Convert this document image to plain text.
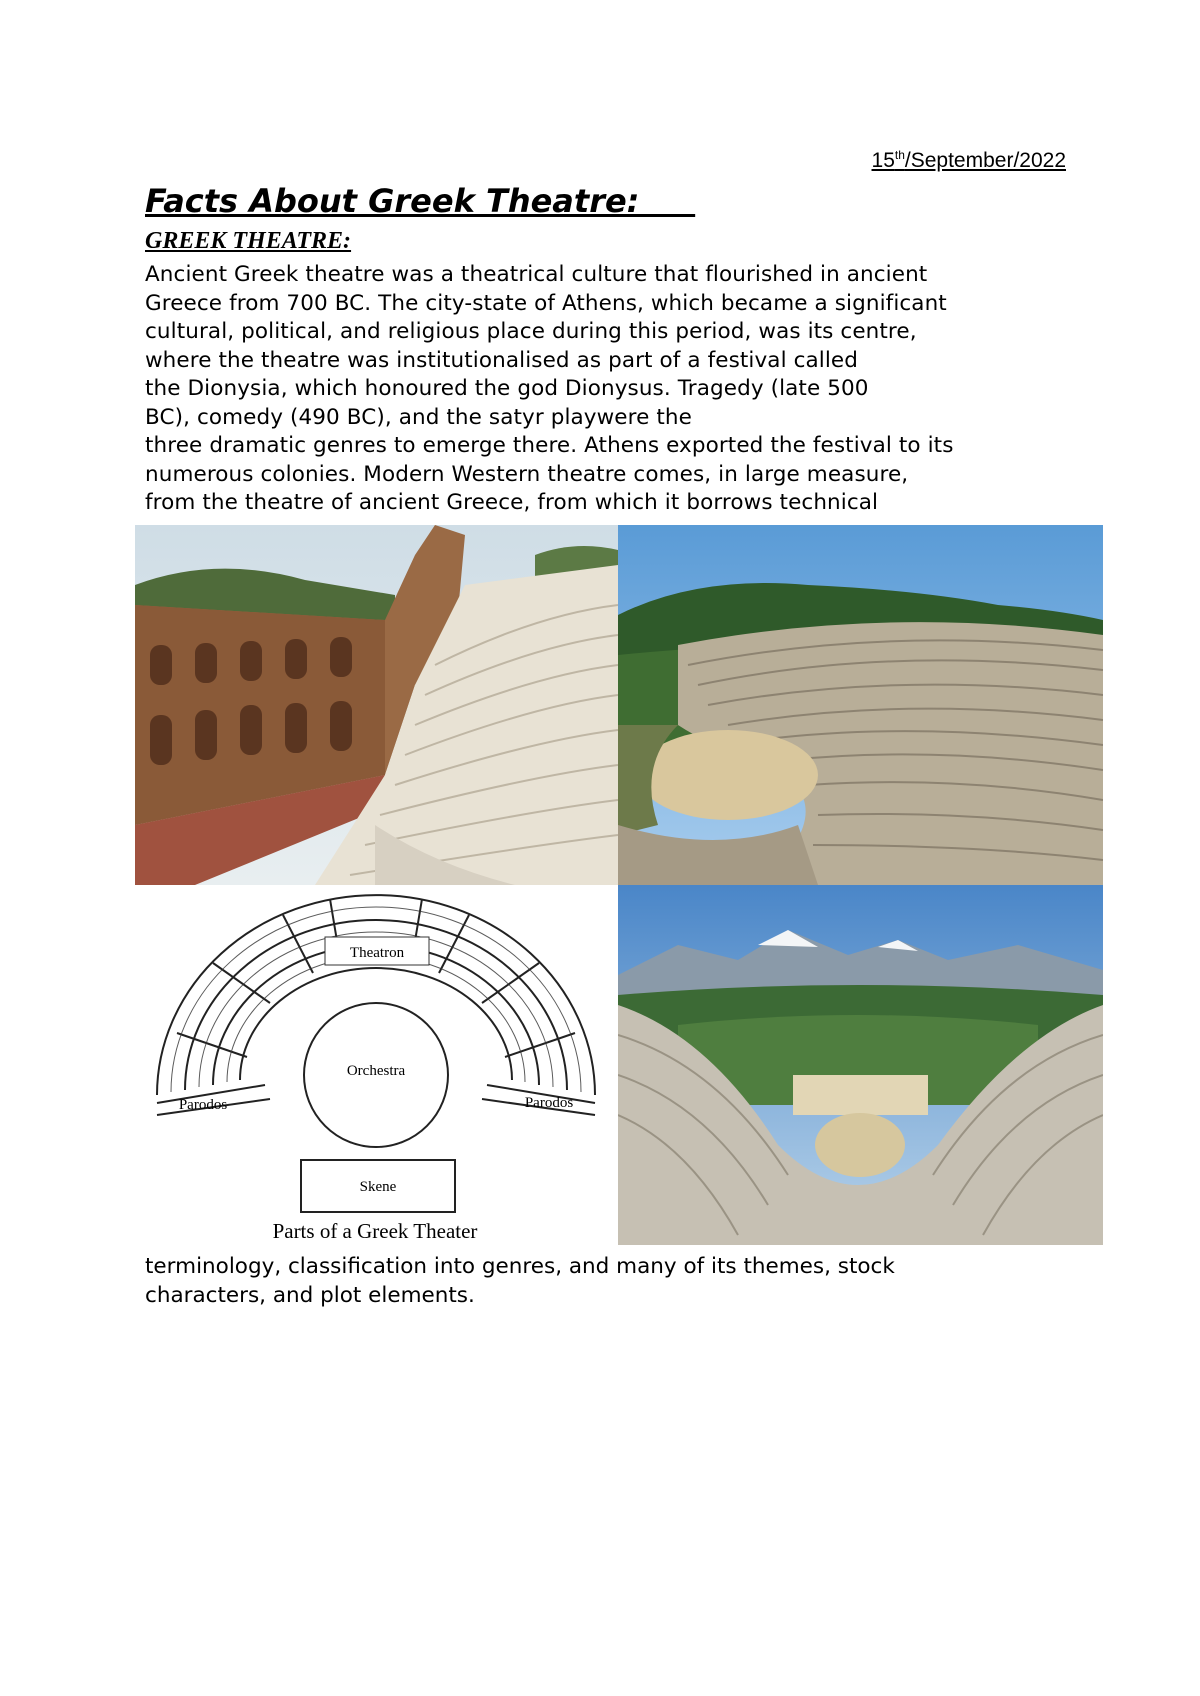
15th/September/2022
Facts About Greek Theatre:
GREEK THEATRE:
Ancient Greek theatre was a theatrical culture that flourished in ancient
Greece from 700 BC. The city-state of Athens, which became a significant
cultural, political, and religious place during this period, was its centre,
where the theatre was institutionalised as part of a festival called
the Dionysia, which honoured the god Dionysus. Tragedy (late 500
BC), comedy (490 BC), and the satyr playwere the
three dramatic genres to emerge there. Athens exported the festival to its
numerous colonies. Modern Western theatre comes, in large measure,
from the theatre of ancient Greece, from which it borrows technical
Theatron
Orchestra
Parodos	Parodos
Skene
Parts of a Greek Theater
terminology, classification into genres, and many of its themes, stock
characters, and plot elements.
